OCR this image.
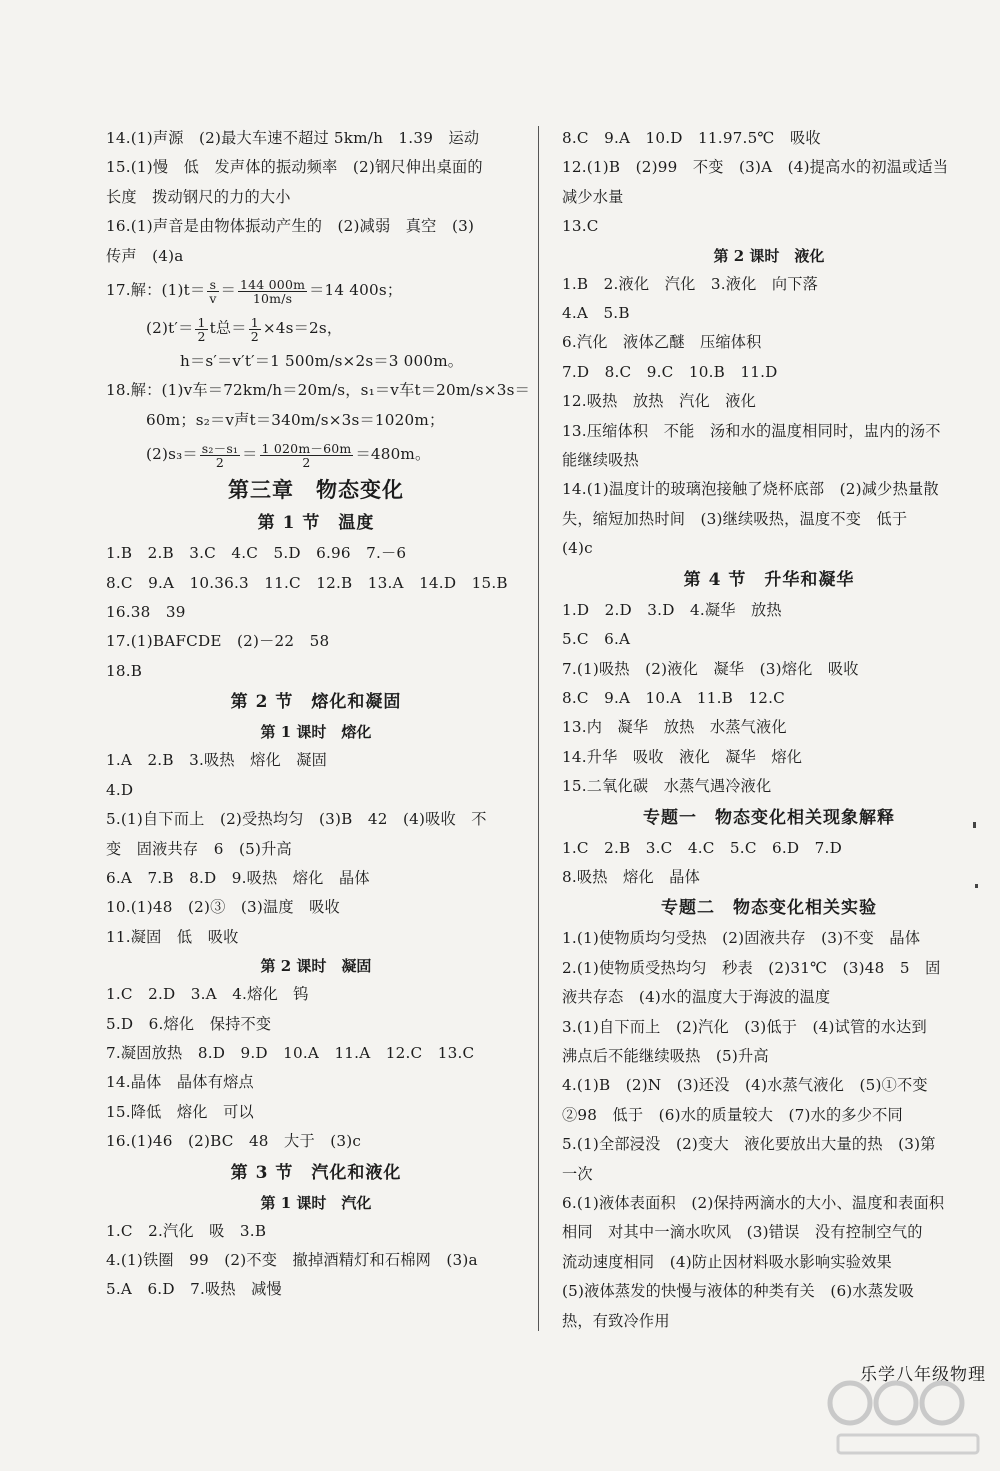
14.(1)声源　(2)最大车速不超过 5km/h　1.39　运动
15.(1)慢　低　发声体的振动频率　(2)钢尺伸出桌面的
长度　拨动钢尺的力的大小
16.(1)声音是由物体振动产生的　(2)减弱　真空　(3)
传声　(4)a
17.解：$(1)t= \frac{s}{v} = \frac{144 000m}{10m/s} =14$ 400s；
$(2)t'= \frac{1}{2}$ t总＝ $\frac{1}{2} \times 4s=2s$，
h＝s′＝v′t′＝1 500m/s×2s＝3 000m。
18.解：(1)v车＝72km/h＝20m/s，s₁＝v车t＝20m/s×3s＝
60m；s₂＝v声t＝340m/s×3s＝1020m；
$(2)s_3= \frac{\text{s₂－s₁}}{2} = \frac{1 020m-60m}{2} =480m$。
第三章　物态变化
第 1 节　温度
1.B　2.B　3.C　4.C　5.D　6.96　7.－6
8.C　9.A　10.36.3　11.C　12.B　13.A　14.D　15.B
16.38　39
17.(1)BAFCDE　(2)－22　58
18.B
第 2 节　熔化和凝固
第 1 课时　熔化
1.A　2.B　3.吸热　熔化　凝固
4.D
5.(1)自下而上　(2)受热均匀　(3)B　42　(4)吸收　不
变　固液共存　6　(5)升高
6.A　7.B　8.D　9.吸热　熔化　晶体
10.(1)48　(2)③　(3)温度　吸收
11.凝固　低　吸收
第 2 课时　凝固
1.C　2.D　3.A　4.熔化　钨
5.D　6.熔化　保持不变
7.凝固放热　8.D　9.D　10.A　11.A　12.C　13.C
14.晶体　晶体有熔点
15.降低　熔化　可以
16.(1)46　(2)BC　48　大于　(3)c
第 3 节　汽化和液化
第 1 课时　汽化
1.C　2.汽化　吸　3.B
4.(1)铁圈　99　(2)不变　撤掉酒精灯和石棉网　(3)a
5.A　6.D　7.吸热　减慢
8.C　9.A　10.D　11.97.5℃　吸收
12.(1)B　(2)99　不变　(3)A　(4)提高水的初温或适当
减少水量
13.C
第 2 课时　液化
1.B　2.液化　汽化　3.液化　向下落
4.A　5.B
6.汽化　液体乙醚　压缩体积
7.D　8.C　9.C　10.B　11.D
12.吸热　放热　汽化　液化
13.压缩体积　不能　汤和水的温度相同时，盅内的汤不
能继续吸热
14.(1)温度计的玻璃泡接触了烧杯底部　(2)减少热量散
失，缩短加热时间　(3)继续吸热，温度不变　低于
(4)c
第 4 节　升华和凝华
1.D　2.D　3.D　4.凝华　放热
5.C　6.A
7.(1)吸热　(2)液化　凝华　(3)熔化　吸收
8.C　9.A　10.A　11.B　12.C
13.内　凝华　放热　水蒸气液化
14.升华　吸收　液化　凝华　熔化
15.二氧化碳　水蒸气遇冷液化
专题一　物态变化相关现象解释
1.C　2.B　3.C　4.C　5.C　6.D　7.D
8.吸热　熔化　晶体
专题二　物态变化相关实验
1.(1)使物质均匀受热　(2)固液共存　(3)不变　晶体
2.(1)使物质受热均匀　秒表　(2)31℃　(3)48　5　固
液共存态　(4)水的温度大于海波的温度
3.(1)自下而上　(2)汽化　(3)低于　(4)试管的水达到
沸点后不能继续吸热　(5)升高
4.(1)B　(2)N　(3)还没　(4)水蒸气液化　(5)①不变
②98　低于　(6)水的质量较大　(7)水的多少不同
5.(1)全部浸没　(2)变大　液化要放出大量的热　(3)第
一次
6.(1)液体表面积　(2)保持两滴水的大小、温度和表面积
相同　对其中一滴水吹风　(3)错误　没有控制空气的
流动速度相同　(4)防止因材料吸水影响实验效果
(5)液体蒸发的快慢与液体的种类有关　(6)水蒸发吸
热，有致冷作用
乐学八年级物理
